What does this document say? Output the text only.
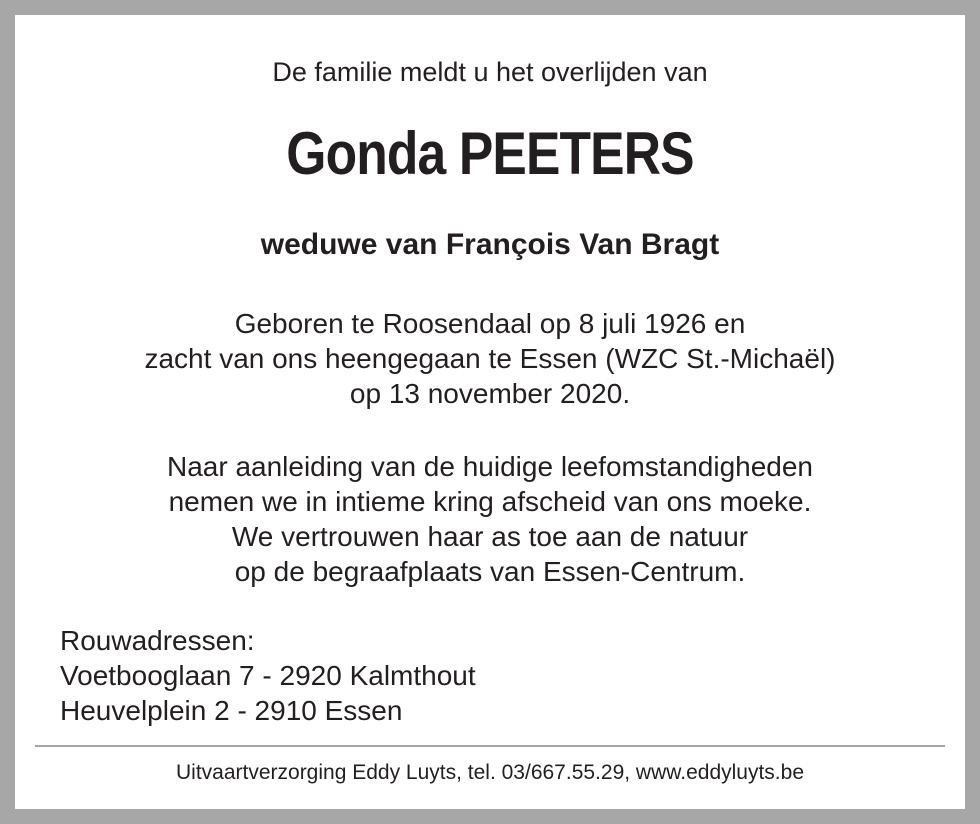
De familie meldt u het overlijden van
Gonda PEETERS
weduwe van François Van Bragt
Geboren te Roosendaal op 8 juli 1926 en
zacht van ons heengegaan te Essen (WZC St.-Michaël)
op 13 november 2020.
Naar aanleiding van de huidige leefomstandigheden
nemen we in intieme kring afscheid van ons moeke.
We vertrouwen haar as toe aan de natuur
op de begraafplaats van Essen-Centrum.
Rouwadressen:
Voetbooglaan 7 - 2920 Kalmthout
Heuvelplein 2 - 2910 Essen
Uitvaartverzorging Eddy Luyts, tel. 03/667.55.29, www.eddyluyts.be
